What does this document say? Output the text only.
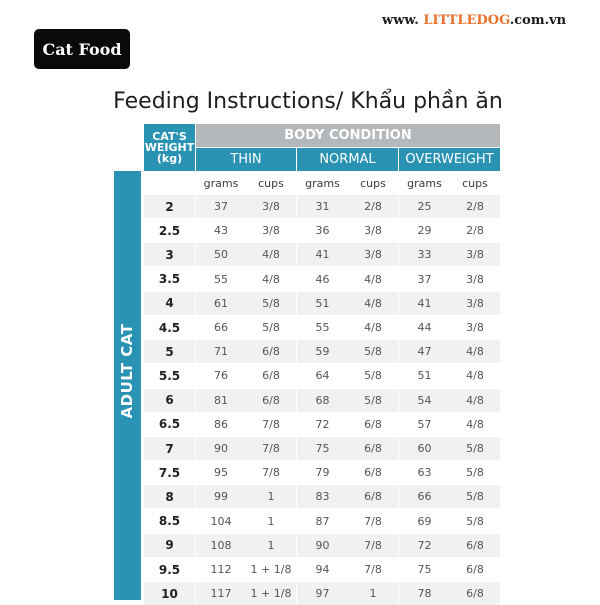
Cat Food
www. LITTLEDOG.com.vn
Feeding Instructions/ Khẩu phần ăn
CAT'S
WEIGHT
(kg)
BODY CONDITION
THIN	NORMAL	OVERWEIGHT
ADULT CAT
grams	cups	grams	cups	grams	cups
2	37	3/8	31	2/8	25	2/8
2.5	43	3/8	36	3/8	29	2/8
3	50	4/8	41	3/8	33	3/8
3.5	55	4/8	46	4/8	37	3/8
4	61	5/8	51	4/8	41	3/8
4.5	66	5/8	55	4/8	44	3/8
5	71	6/8	59	5/8	47	4/8
5.5	76	6/8	64	5/8	51	4/8
6	81	6/8	68	5/8	54	4/8
6.5	86	7/8	72	6/8	57	4/8
7	90	7/8	75	6/8	60	5/8
7.5	95	7/8	79	6/8	63	5/8
8	99	1	83	6/8	66	5/8
8.5	104	1	87	7/8	69	5/8
9	108	1	90	7/8	72	6/8
9.5	112	1 + 1/8	94	7/8	75	6/8
10	117	1 + 1/8	97	1	78	6/8
